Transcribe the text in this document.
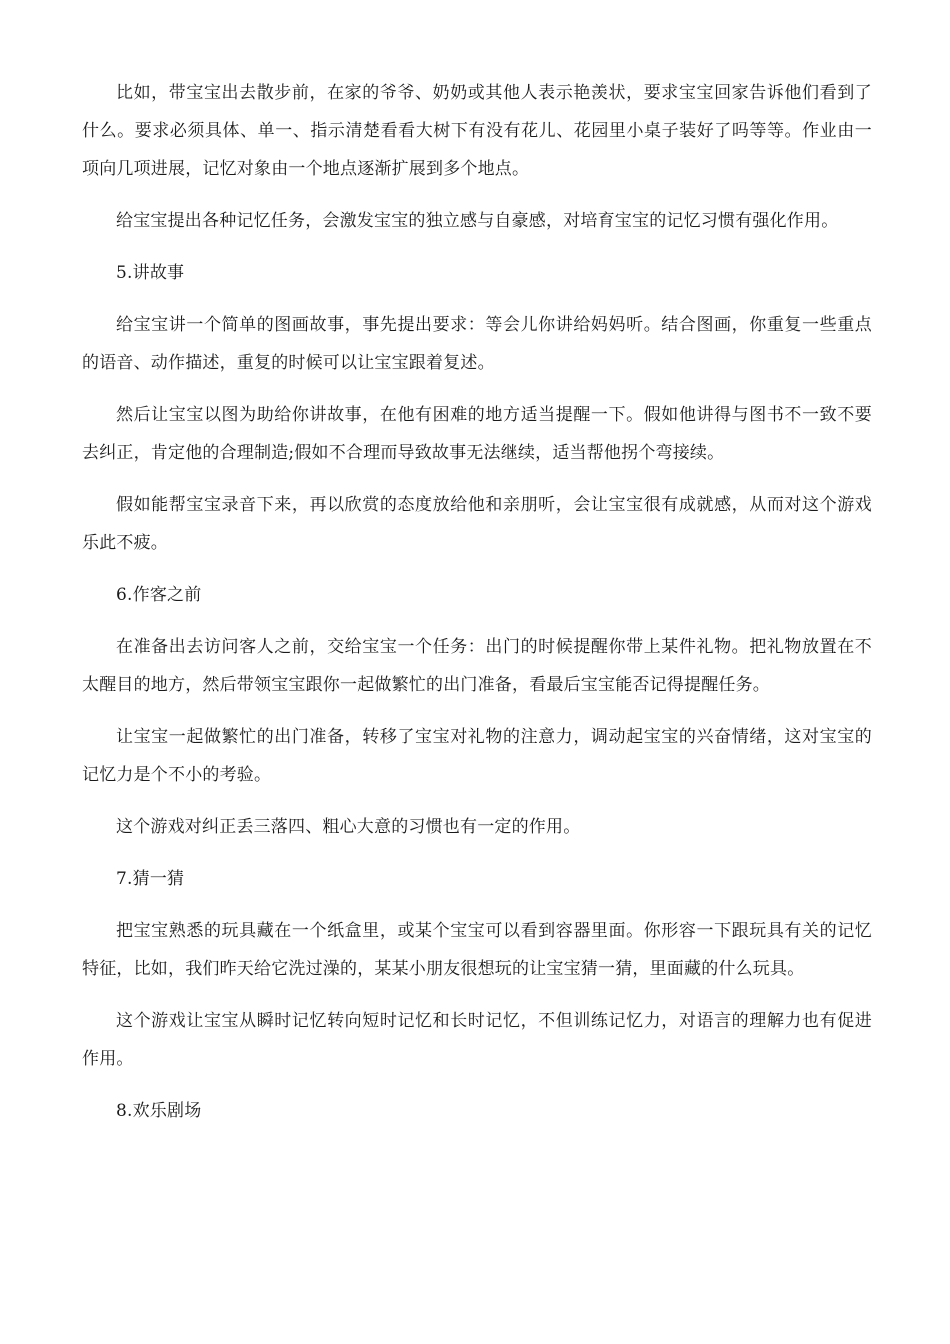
比如，带宝宝出去散步前，在家的爷爷、奶奶或其他人表示艳羡状，要求宝宝回家告诉他们看到了什么。要求必须具体、单一、指示清楚看看大树下有没有花儿、花园里小桌子装好了吗等等。作业由一项向几项进展，记忆对象由一个地点逐渐扩展到多个地点。

给宝宝提出各种记忆任务，会激发宝宝的独立感与自豪感，对培育宝宝的记忆习惯有强化作用。

5.讲故事

给宝宝讲一个简单的图画故事，事先提出要求：等会儿你讲给妈妈听。结合图画，你重复一些重点的语音、动作描述，重复的时候可以让宝宝跟着复述。

然后让宝宝以图为助给你讲故事，在他有困难的地方适当提醒一下。假如他讲得与图书不一致不要去纠正，肯定他的合理制造;假如不合理而导致故事无法继续，适当帮他拐个弯接续。

假如能帮宝宝录音下来，再以欣赏的态度放给他和亲朋听，会让宝宝很有成就感，从而对这个游戏乐此不疲。

6.作客之前

在准备出去访问客人之前，交给宝宝一个任务：出门的时候提醒你带上某件礼物。把礼物放置在不太醒目的地方，然后带领宝宝跟你一起做繁忙的出门准备，看最后宝宝能否记得提醒任务。

让宝宝一起做繁忙的出门准备，转移了宝宝对礼物的注意力，调动起宝宝的兴奋情绪，这对宝宝的记忆力是个不小的考验。

这个游戏对纠正丢三落四、粗心大意的习惯也有一定的作用。

7.猜一猜

把宝宝熟悉的玩具藏在一个纸盒里，或某个宝宝可以看到容器里面。你形容一下跟玩具有关的记忆特征，比如，我们昨天给它洗过澡的，某某小朋友很想玩的让宝宝猜一猜，里面藏的什么玩具。

这个游戏让宝宝从瞬时记忆转向短时记忆和长时记忆，不但训练记忆力，对语言的理解力也有促进作用。

8.欢乐剧场
